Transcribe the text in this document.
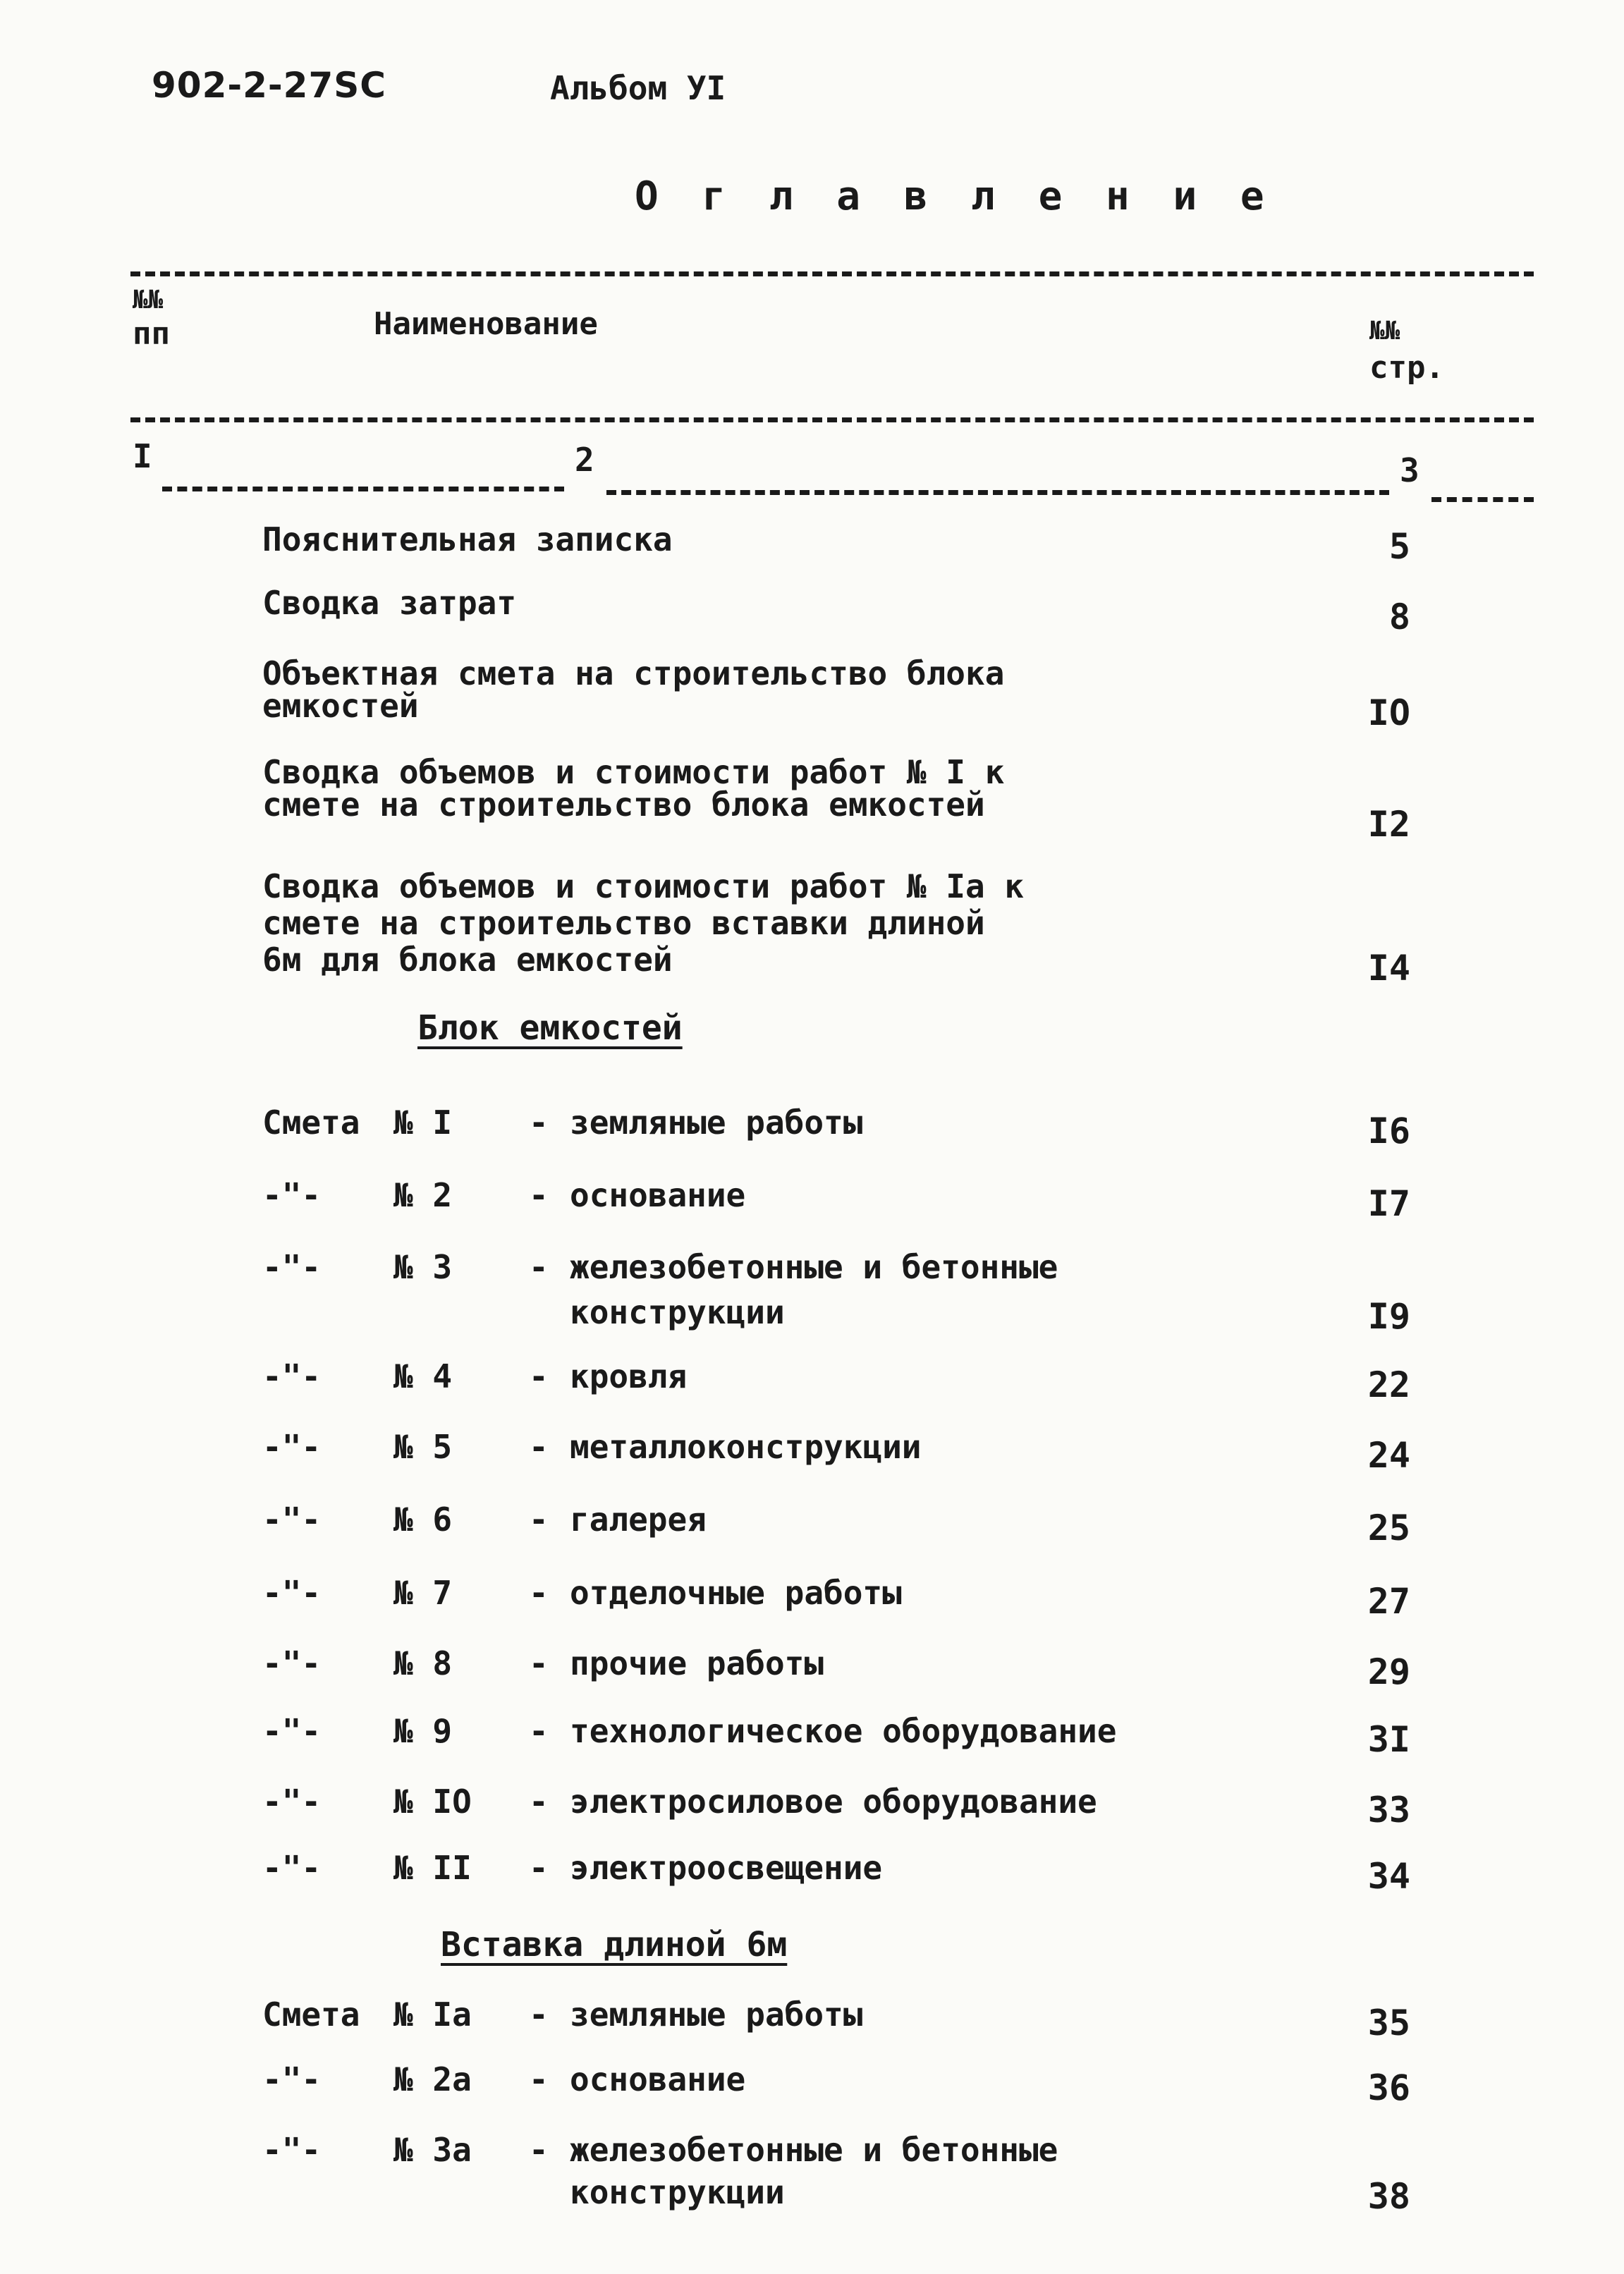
902-2-27SC	Альбом УI
О г л а в л е н и е
№№
пп	Наименование	№№
стр.
I	2	3
Пояснительная записка	5
Сводка затрат	8
Объектная смета на строительство блока
емкостей	IO
Сводка объемов и стоимости работ № I к
смете на строительство блока емкостей	I2
Сводка объемов и стоимости работ № Iа к
смете на строительство вставки длиной
6м для блока емкостей	I4
Блок емкостей
Смета № I - земляные работы	I6
-"- № 2 - основание	I7
-"- № 3 - железобетонные и бетонные
конструкции	I9
-"- № 4 - кровля	22
-"- № 5 - металлоконструкции	24
-"- № 6 - галерея	25
-"- № 7 - отделочные работы	27
-"- № 8 - прочие работы	29
-"- № 9 - технологическое оборудование	3I
-"- № IO - электросиловое оборудование	33
-"- № II - электроосвещение	34
Вставка длиной 6м
Смета № Iа - земляные работы	35
-"- № 2а - основание	36
-"- № 3а - железобетонные и бетонные
конструкции	38
